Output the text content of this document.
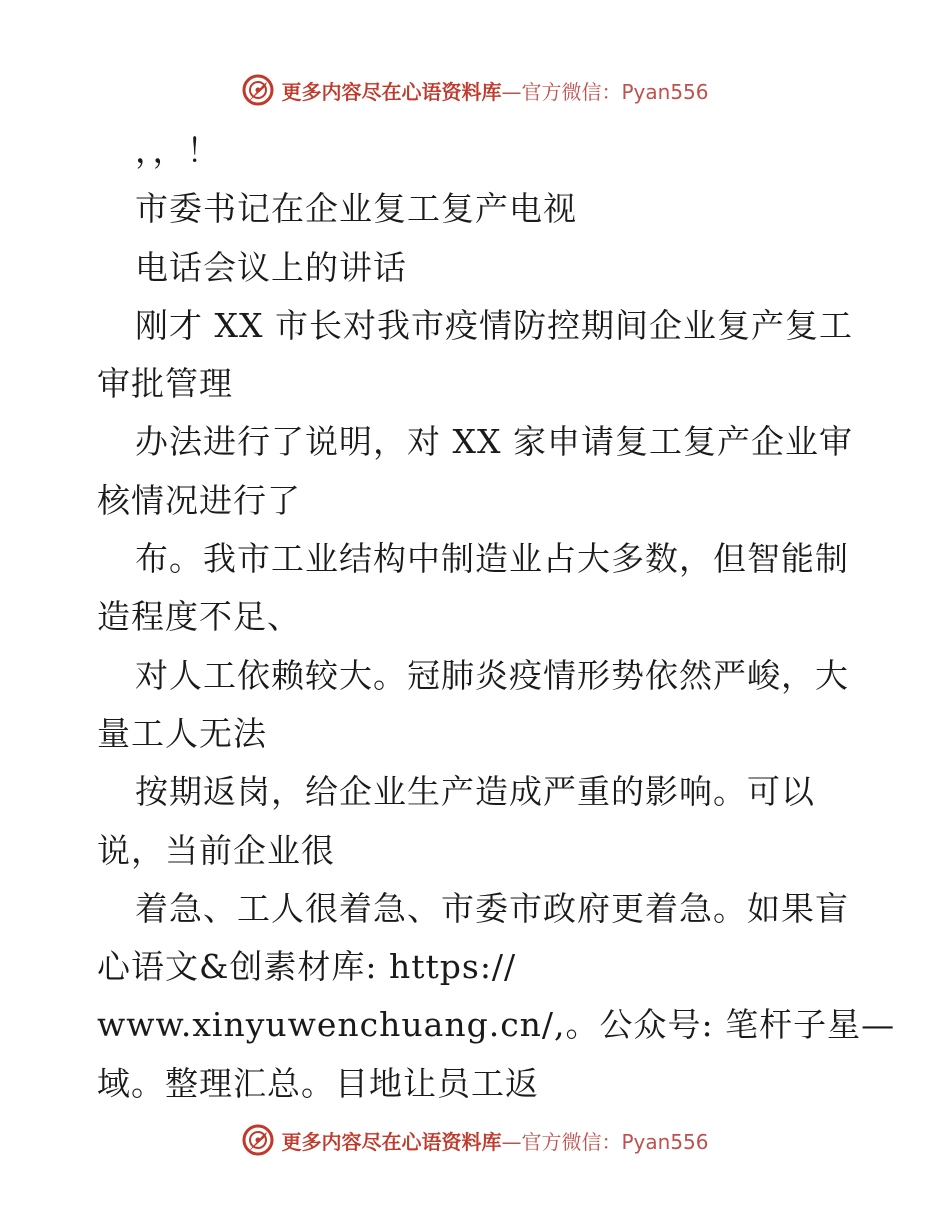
更多内容尽在心语资料库—官方微信：Pyan556

，，！

市委书记在企业复工复产电视

电话会议上的讲话

刚才 XX 市长对我市疫情防控期间企业复产复工

审批管理

办法进行了说明，对 XX 家申请复工复产企业审

核情况进行了

布。我市工业结构中制造业占大多数，但智能制

造程度不足、

对人工依赖较大。冠肺炎疫情形势依然严峻，大

量工人无法

按期返岗，给企业生产造成严重的影响。可以

说，当前企业很

着急、工人很着急、市委市政府更着急。如果盲

心语文&创素材库: https://

www.xinyuwenchuang.cn/,。公众号: 笔杆子星—

域。整理汇总。目地让员工返

更多内容尽在心语资料库—官方微信：Pyan556
